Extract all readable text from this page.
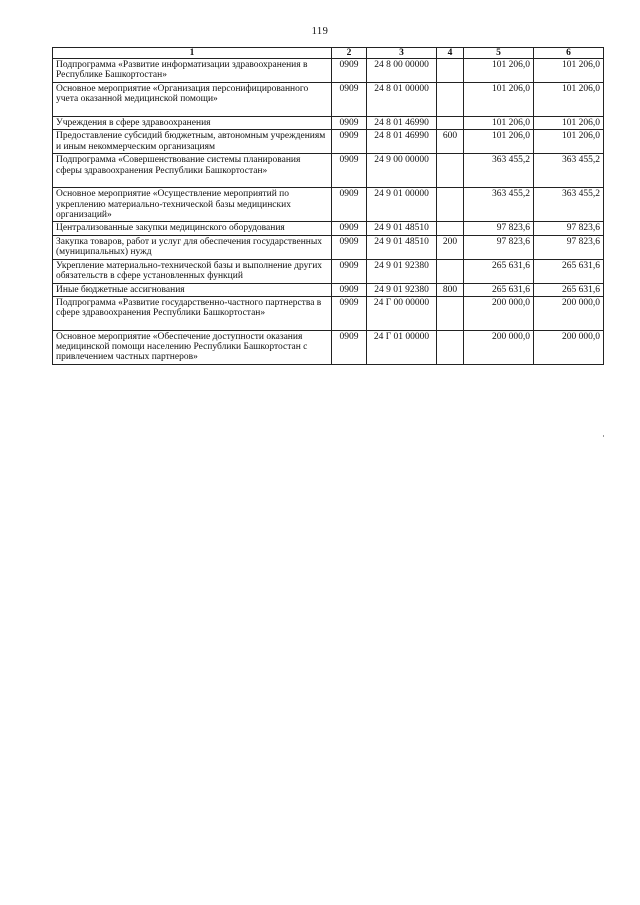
119
1	2	3	4	5	6
Подпрограмма «Развитие информатизации здравоохранения в Республике Башкортостан»	0909	24 8 00 00000		101 206,0	101 206,0
Основное мероприятие «Организация персонифицированного учета оказанной медицинской помощи»	0909	24 8 01 00000		101 206,0	101 206,0
Учреждения в сфере здравоохранения	0909	24 8 01 46990		101 206,0	101 206,0
Предоставление субсидий бюджетным, автономным учреждениям и иным некоммерческим организациям	0909	24 8 01 46990	600	101 206,0	101 206,0
Подпрограмма «Совершенствование системы планирования сферы здравоохранения Республики Башкортостан»	0909	24 9 00 00000		363 455,2	363 455,2
Основное мероприятие «Осуществление мероприятий по укреплению материально-технической базы медицинских организаций»	0909	24 9 01 00000		363 455,2	363 455,2
Централизованные закупки медицинского оборудования	0909	24 9 01 48510		97 823,6	97 823,6
Закупка товаров, работ и услуг для обеспечения государственных (муниципальных) нужд	0909	24 9 01 48510	200	97 823,6	97 823,6
Укрепление материально-технической базы и выполнение других обязательств в сфере установленных функций	0909	24 9 01 92380		265 631,6	265 631,6
Иные бюджетные ассигнования	0909	24 9 01 92380	800	265 631,6	265 631,6
Подпрограмма «Развитие государственно-частного партнерства в сфере здравоохранения Республики Башкортостан»	0909	24 Г 00 00000		200 000,0	200 000,0
Основное мероприятие «Обеспечение доступности оказания медицинской помощи населению Республики Башкортостан с привлечением частных партнеров»	0909	24 Г 01 00000		200 000,0	200 000,0
